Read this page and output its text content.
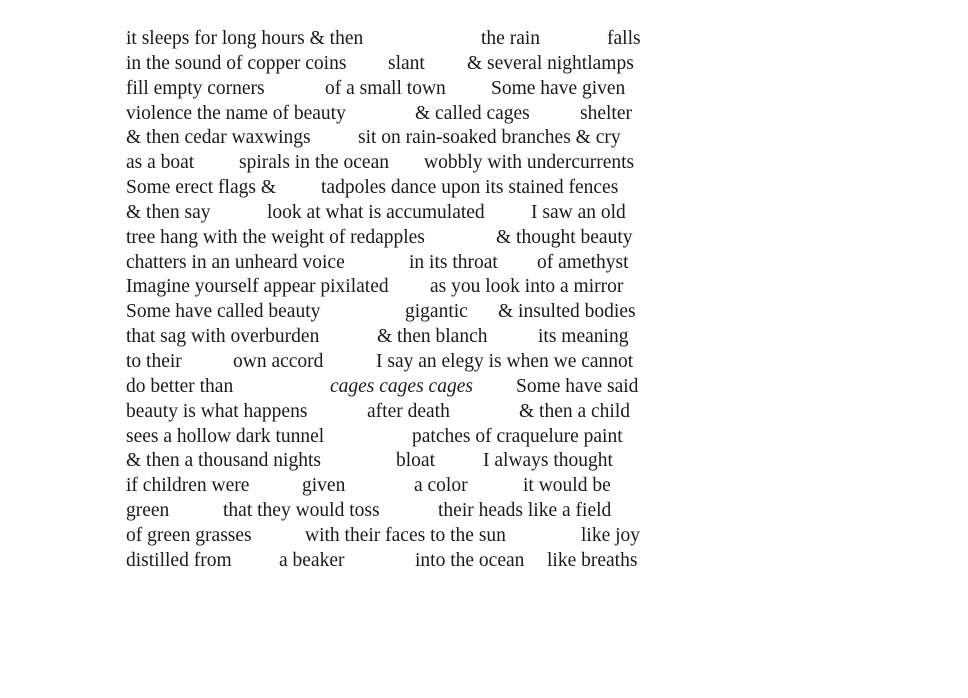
it sleeps for long hours & then

	the rain

	falls

in the sound of copper coins

slant

& several nightlamps

fill empty corners

	of a small town

Some have given

violence the name of beauty

	& called cages

	shelter

& then cedar waxwings

sit on rain-soaked branches & cry

as a boat

spirals in the ocean

wobbly with undercurrents

Some erect flags &

tadpoles dance upon its stained fences

& then say

	look at what is accumulated

I saw an old

tree hang with the weight of redapples

	& thought beauty

chatters in an unheard voice

	in its throat

of amethyst

Imagine yourself appear pixilated

as you look into a mirror

Some have called beauty

	gigantic

& insulted bodies

that sag with overburden

	& then blanch

	its meaning

to their

	own accord

	I say an elegy is when we cannot

do better than

	cages cages cages

Some have said

beauty is what happens

	after death

	& then a child

sees a hollow dark tunnel

	patches of craquelure paint

& then a thousand nights

	bloat

I always thought

if children were

	given

	a color

	it would be

green

	that they would toss

	their heads like a field

of green grasses

	with their faces to the sun

	like joy

distilled from

a beaker

	into the ocean

like breaths
